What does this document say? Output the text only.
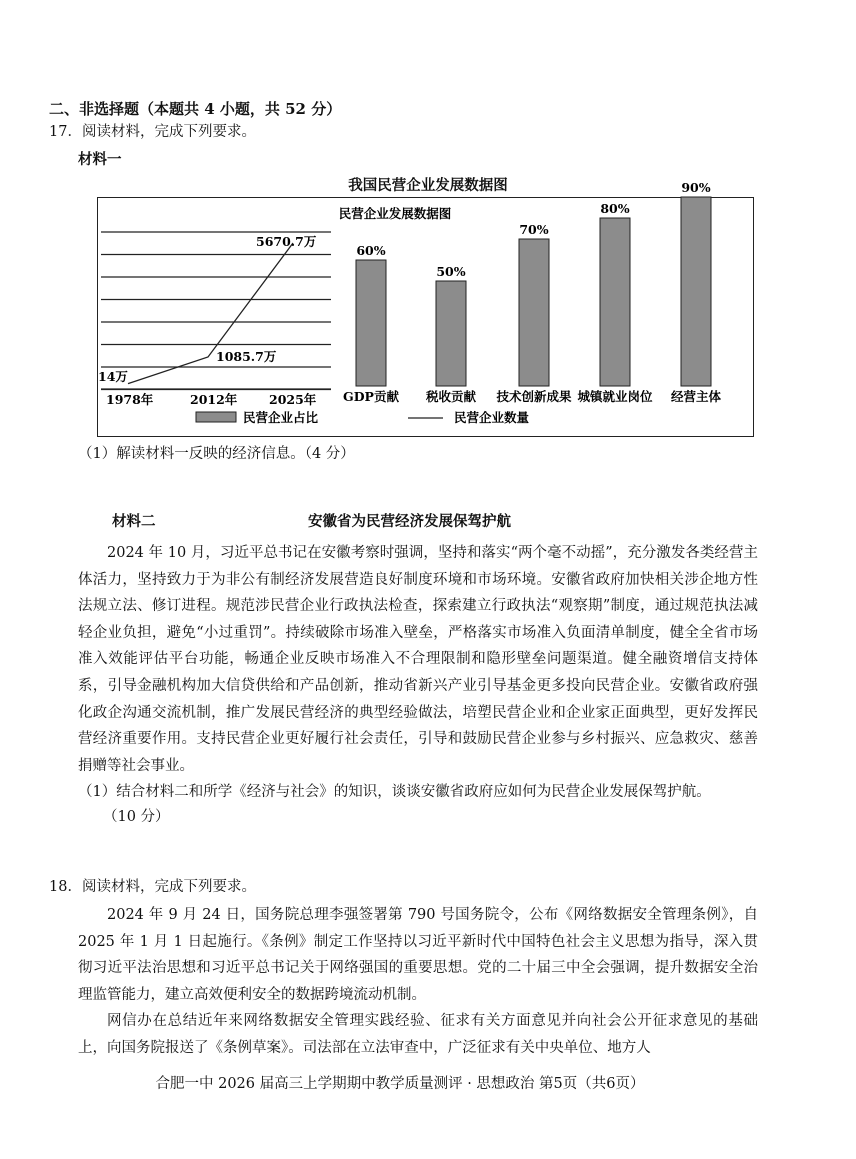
二、非选择题（本题共 4 小题，共 52 分）
17．阅读材料，完成下列要求。
材料一
我国民营企业发展数据图
民营企业发展数据图
14万
1085.7万
5670.7万
1978年	2012年	2025年
60%
GDP贡献
50%
税收贡献
70%
技术创新成果
80%
城镇就业岗位
90%
经营主体
民营企业占比	民营企业数量
（1）解读材料一反映的经济信息。（4 分）
材料二	安徽省为民营经济发展保驾护航

2024 年 10 月，习近平总书记在安徽考察时强调，坚持和落实“两个毫不动摇”，充分激发各类经营主体活力，坚持致力于为非公有制经济发展营造良好制度环境和市场环境。安徽省政府加快相关涉企地方性法规立法、修订进程。规范涉民营企业行政执法检查，探索建立行政执法“观察期”制度，通过规范执法减轻企业负担，避免“小过重罚”。持续破除市场准入壁垒，严格落实市场准入负面清单制度，健全全省市场准入效能评估平台功能，畅通企业反映市场准入不合理限制和隐形壁垒问题渠道。健全融资增信支持体系，引导金融机构加大信贷供给和产品创新，推动省新兴产业引导基金更多投向民营企业。安徽省政府强化政企沟通交流机制，推广发展民营经济的典型经验做法，培塑民营企业和企业家正面典型，更好发挥民营经济重要作用。支持民营企业更好履行社会责任，引导和鼓励民营企业参与乡村振兴、应急救灾、慈善捐赠等社会事业。

（1）结合材料二和所学《经济与社会》的知识，谈谈安徽省政府应如何为民营企业发展保驾护航。
（10 分）
18．阅读材料，完成下列要求。

2024 年 9 月 24 日，国务院总理李强签署第 790 号国务院令，公布《网络数据安全管理条例》，自 2025 年 1 月 1 日起施行。《条例》制定工作坚持以习近平新时代中国特色社会主义思想为指导，深入贯彻习近平法治思想和习近平总书记关于网络强国的重要思想。党的二十届三中全会强调，提升数据安全治理监管能力，建立高效便利安全的数据跨境流动机制。

网信办在总结近年来网络数据安全管理实践经验、征求有关方面意见并向社会公开征求意见的基础上，向国务院报送了《条例草案》。司法部在立法审查中，广泛征求有关中央单位、地方人

合肥一中 2026 届高三上学期期中教学质量测评 · 思想政治 第5页（共6页）
